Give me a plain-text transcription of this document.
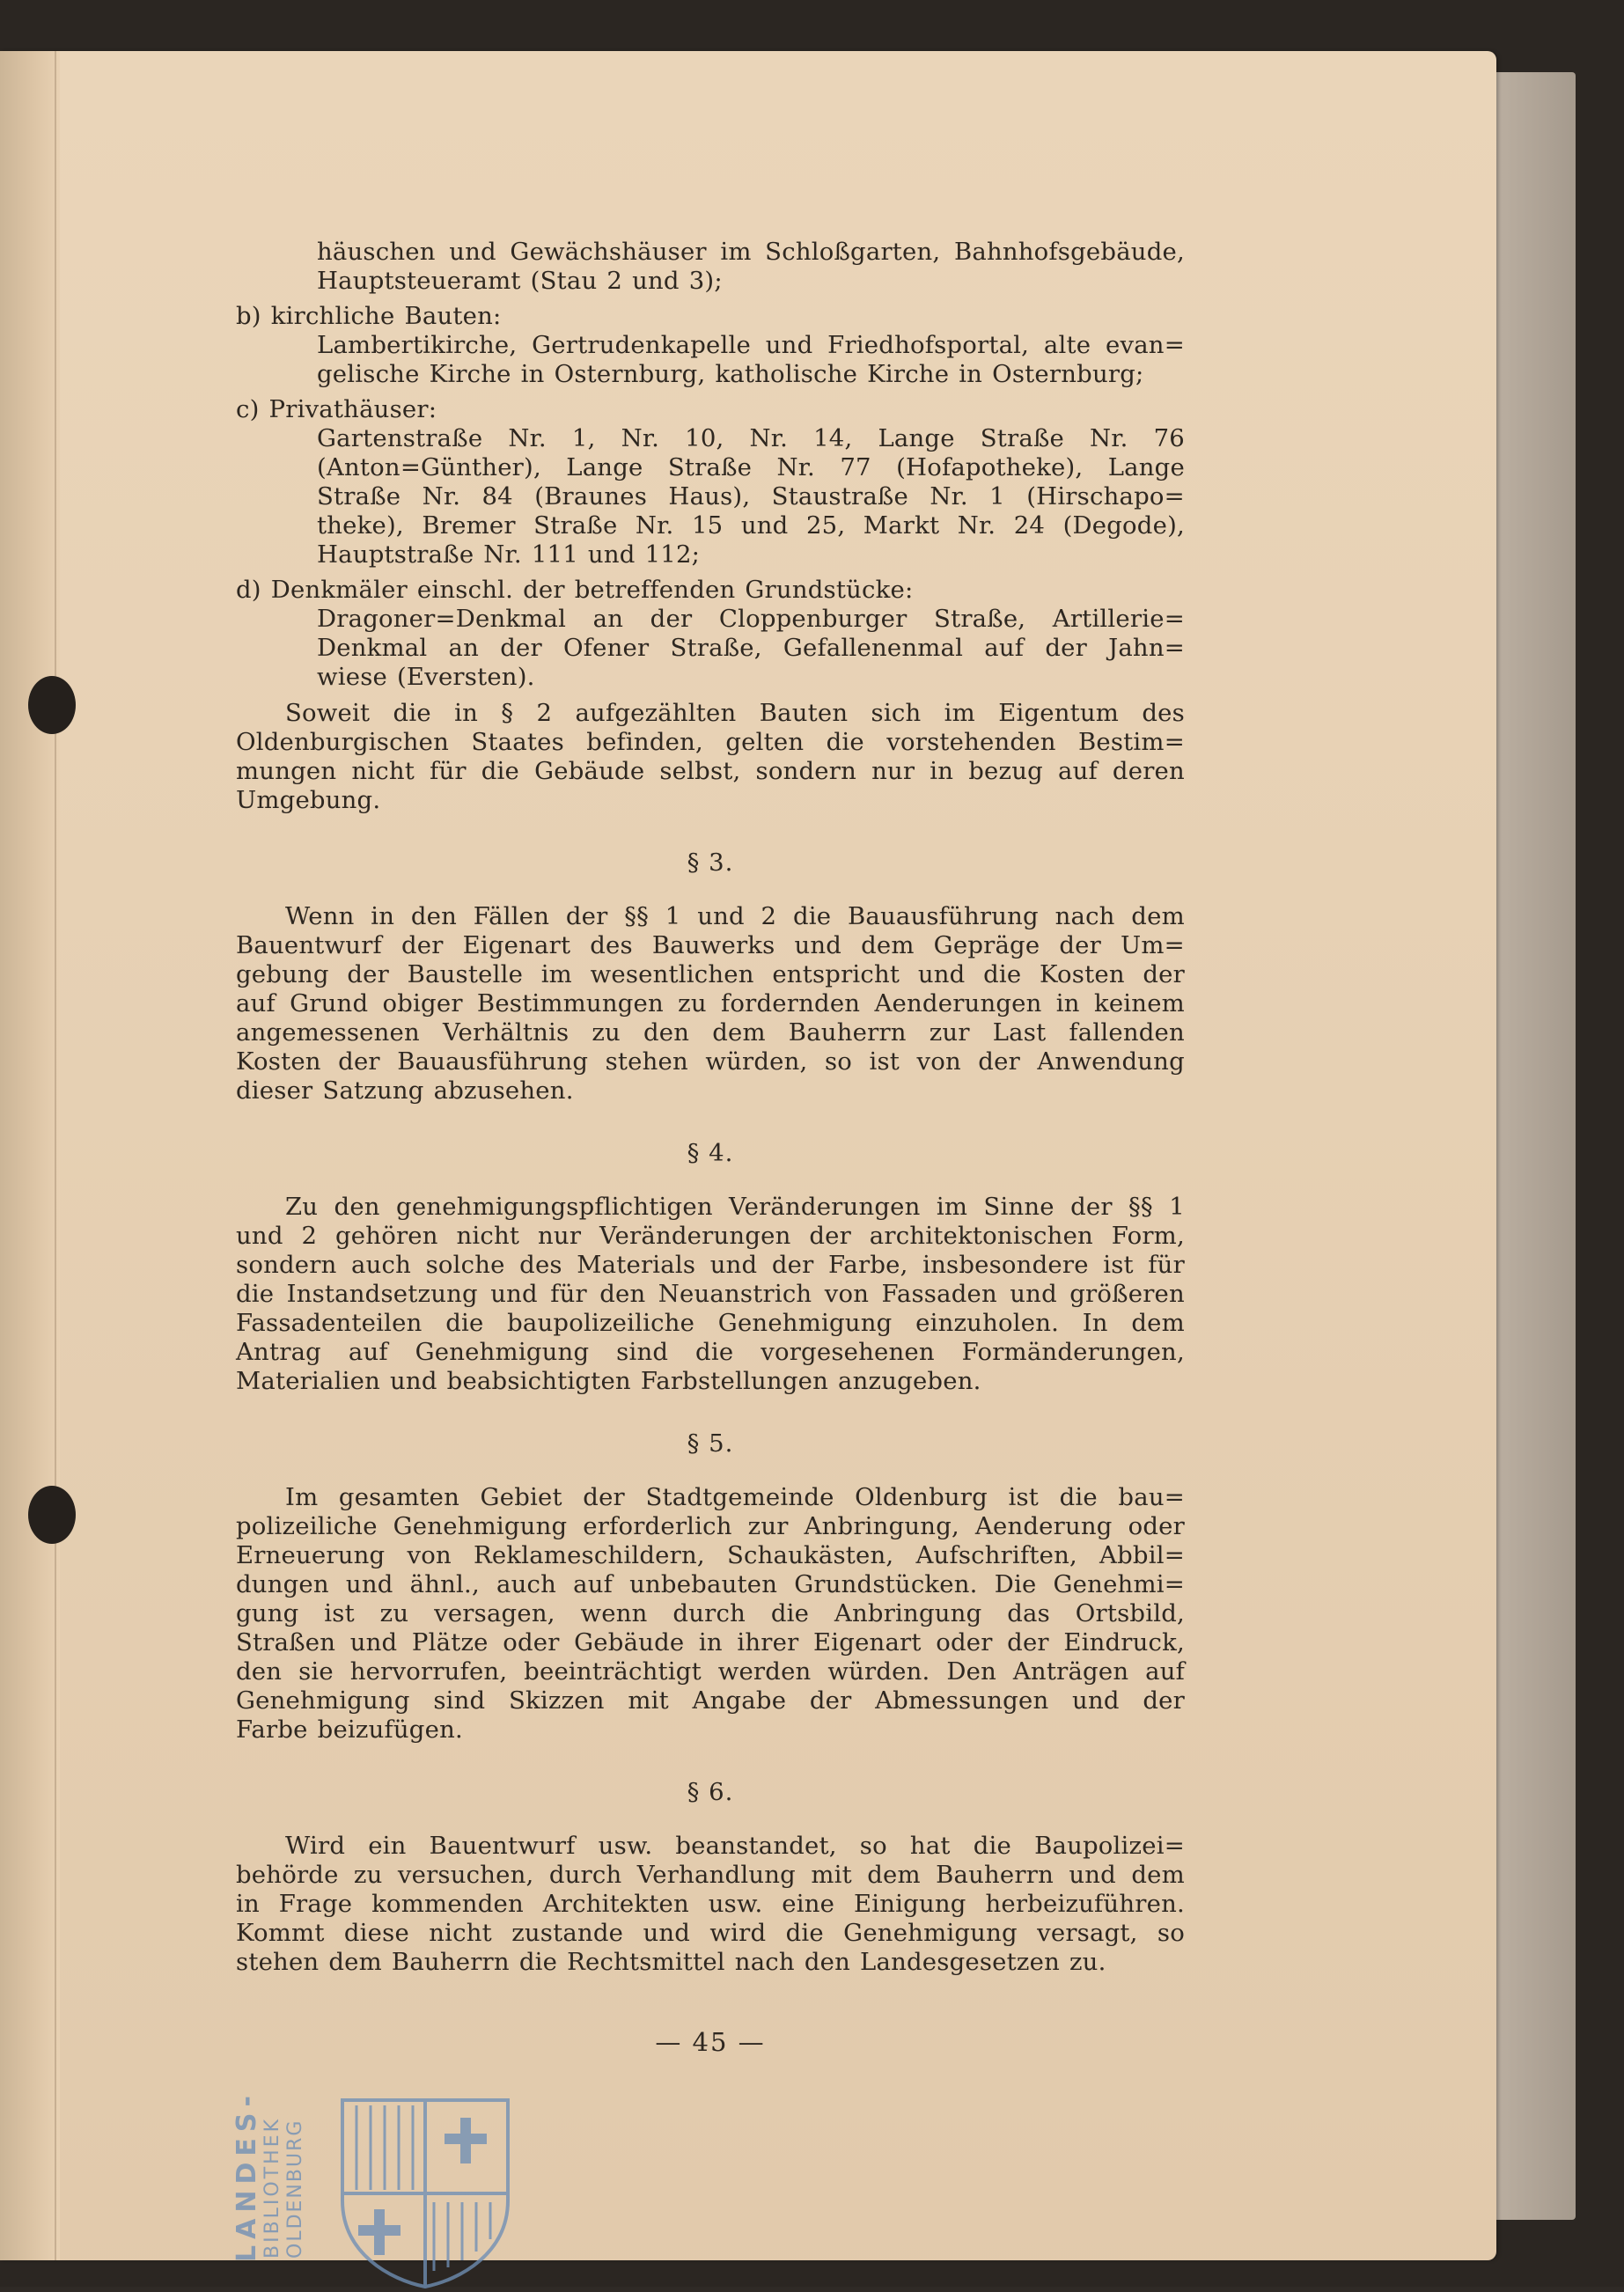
häuschen und Gewächshäuser im Schloßgarten, Bahnhofsgebäude,
Hauptsteueramt (Stau 2 und 3);
b) kirchliche Bauten:
Lambertikirche, Gertrudenkapelle und Friedhofsportal, alte evan=
gelische Kirche in Osternburg, katholische Kirche in Osternburg;
c) Privathäuser:
Gartenstraße Nr. 1, Nr. 10, Nr. 14, Lange Straße Nr. 76
(Anton=Günther), Lange Straße Nr. 77 (Hofapotheke), Lange
Straße Nr. 84 (Braunes Haus), Staustraße Nr. 1 (Hirschapo=
theke), Bremer Straße Nr. 15 und 25, Markt Nr. 24 (Degode),
Hauptstraße Nr. 111 und 112;
d) Denkmäler einschl. der betreffenden Grundstücke:
Dragoner=Denkmal an der Cloppenburger Straße, Artillerie=
Denkmal an der Ofener Straße, Gefallenenmal auf der Jahn=
wiese (Eversten).
Soweit die in § 2 aufgezählten Bauten sich im Eigentum des
Oldenburgischen Staates befinden, gelten die vorstehenden Bestim=
mungen nicht für die Gebäude selbst, sondern nur in bezug auf deren
Umgebung.
§ 3.
Wenn in den Fällen der §§ 1 und 2 die Bauausführung nach dem
Bauentwurf der Eigenart des Bauwerks und dem Gepräge der Um=
gebung der Baustelle im wesentlichen entspricht und die Kosten der
auf Grund obiger Bestimmungen zu fordernden Aenderungen in keinem
angemessenen Verhältnis zu den dem Bauherrn zur Last fallenden
Kosten der Bauausführung stehen würden, so ist von der Anwendung
dieser Satzung abzusehen.
§ 4.
Zu den genehmigungspflichtigen Veränderungen im Sinne der §§ 1
und 2 gehören nicht nur Veränderungen der architektonischen Form,
sondern auch solche des Materials und der Farbe, insbesondere ist für
die Instandsetzung und für den Neuanstrich von Fassaden und größeren
Fassadenteilen die baupolizeiliche Genehmigung einzuholen. In dem
Antrag auf Genehmigung sind die vorgesehenen Formänderungen,
Materialien und beabsichtigten Farbstellungen anzugeben.
§ 5.
Im gesamten Gebiet der Stadtgemeinde Oldenburg ist die bau=
polizeiliche Genehmigung erforderlich zur Anbringung, Aenderung oder
Erneuerung von Reklameschildern, Schaukästen, Aufschriften, Abbil=
dungen und ähnl., auch auf unbebauten Grundstücken. Die Genehmi=
gung ist zu versagen, wenn durch die Anbringung das Ortsbild,
Straßen und Plätze oder Gebäude in ihrer Eigenart oder der Eindruck,
den sie hervorrufen, beeinträchtigt werden würden. Den Anträgen auf
Genehmigung sind Skizzen mit Angabe der Abmessungen und der
Farbe beizufügen.
§ 6.
Wird ein Bauentwurf usw. beanstandet, so hat die Baupolizei=
behörde zu versuchen, durch Verhandlung mit dem Bauherrn und dem
in Frage kommenden Architekten usw. eine Einigung herbeizuführen.
Kommt diese nicht zustande und wird die Genehmigung versagt, so
stehen dem Bauherrn die Rechtsmittel nach den Landesgesetzen zu.
— 45 —
LANDES- BIBLIOTHEK OLDENBURG
